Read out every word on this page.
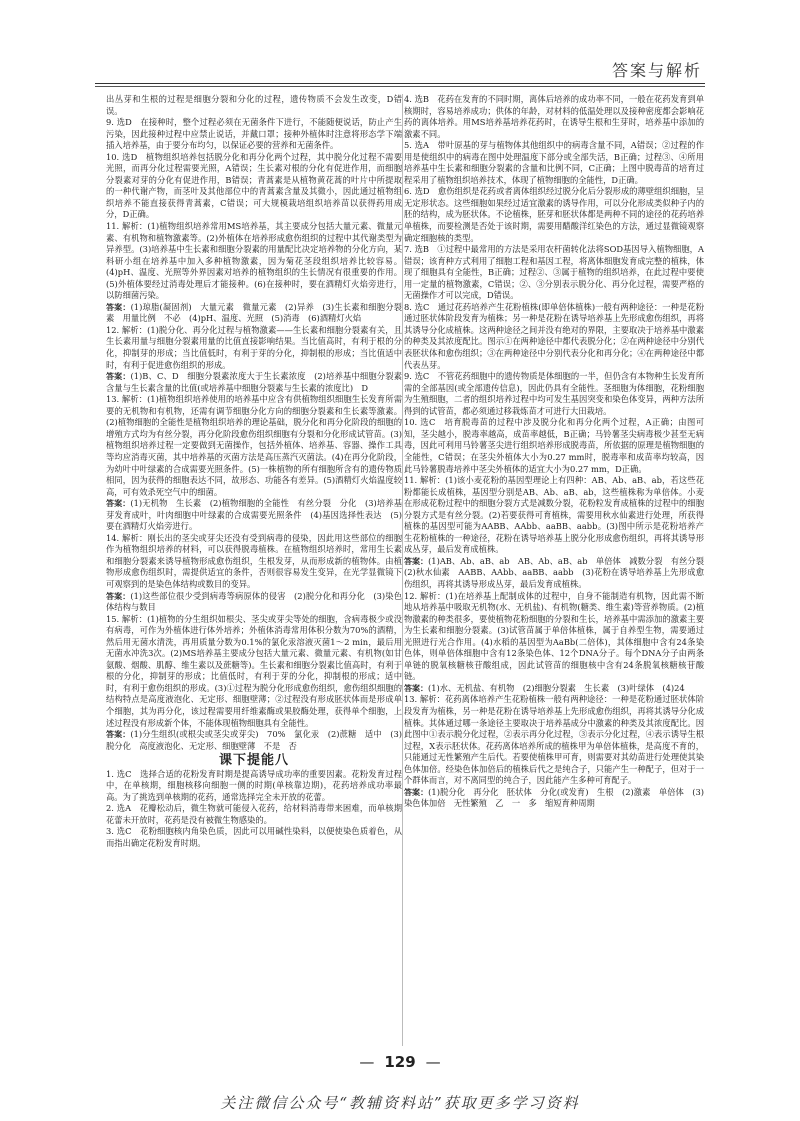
答案与解析

出丛芽和生根的过程是细胞分裂和分化的过程，遗传物质不会发生改变，D错误。

9. 选D　在接种时，整个过程必须在无菌条件下进行，不能随便说话，防止产生污染，因此接种过程中应禁止说话，并戴口罩；接种外植体时注意将形态学下端插入培养基，由于要分布均匀，以保证必要的营养和无菌条件。

10. 选D　植物组织培养包括脱分化和再分化两个过程，其中脱分化过程不需要光照，而再分化过程需要光照，A错误；生长素对根的分化有促进作用，而细胞分裂素对芽的分化有促进作用，B错误；青蒿素是从植物黄花蒿的叶片中所提取的一种代谢产物，而茎叶及其他部位中的青蒿素含量及其微小，因此通过植物组织培养不能直接获得青蒿素，C错误；可大规模栽培组织培养苗以获得药用成分，D正确。

11. 解析：(1)植物组织培养常用MS培养基，其主要成分包括大量元素、微量元素、有机物和植物激素等。(2)外植体在培养形成愈伤组织的过程中其代谢类型为异养型。(3)培养基中生长素和细胞分裂素的用量配比决定培养物的分化方向，某科研小组在培养基中加入多种植物激素，因为菊花茎段组织培养比较容易。(4)pH、温度、光照等外界因素对培养的植物组织的生长情况有很重要的作用。(5)外植体要经过消毒处理后才能接种。(6)在接种时，要在酒精灯火焰旁进行，以防细菌污染。

答案：(1)琼脂(凝固剂)　大量元素　微量元素　(2)异养　(3)生长素和细胞分裂素　用量比例　不必　(4)pH、温度、光照　(5)消毒　(6)酒精灯火焰

12. 解析：(1)脱分化、再分化过程与植物激素——生长素和细胞分裂素有关，且生长素用量与细胞分裂素用量的比值直接影响结果。当比值高时，有利于根的分化，抑制芽的形成；当比值低时，有利于芽的分化，抑制根的形成；当比值适中时，有利于促进愈伤组织的形成。

答案：(1)B、C、D　细胞分裂素浓度大于生长素浓度　(2)培养基中细胞分裂素含量与生长素含量的比值(或培养基中细胞分裂素与生长素的浓度比)　D

13. 解析：(1)植物组织培养使用的培养基中应含有供植物组织细胞生长发育所需要的无机物和有机物，还需有调节细胞分化方向的细胞分裂素和生长素等激素。(2)植物细胞的全能性是植物组织培养的理论基础，脱分化和再分化阶段的细胞的增殖方式均为有丝分裂，再分化阶段愈伤组织细胞有分裂和分化形成试管苗。(3)植物组织培养过程一定要做到无菌操作，包括外植体、培养基、容器、操作工具等均应消毒灭菌，其中培养基的灭菌方法是高压蒸汽灭菌法。(4)在再分化阶段，为幼叶中叶绿素的合成需要光照条件。(5)一株植物的所有细胞所含有的遗传物质相同，因为获得的细胞表达不同，故形态、功能各有差异。(5)酒精灯火焰温度较高，可有效杀死空气中的细菌。

答案：(1)无机物　生长素　(2)植物细胞的全能性　有丝分裂　分化　(3)培养基　芽发育成叶，叶肉细胞中叶绿素的合成需要光照条件　(4)基因选择性表达　(5)要在酒精灯火焰旁进行。

14. 解析：刚长出的茎尖或芽尖还没有受到病毒的侵染，因此用这些部位的细胞作为植物组织培养的材料，可以获得脱毒植株。在植物组织培养时，常用生长素和细胞分裂素来诱导植物形成愈伤组织，生根发芽，从而形成新的植物体。由植物形成愈伤组织时，需提供适宜的条件，否则很容易发生变异，在光学显微镜下可观察到的是染色体结构或数目的变异。

答案：(1)这些部位很少受到病毒等病原体的侵害　(2)脱分化和再分化　(3)染色体结构与数目

15. 解析：(1)植物的分生组织如根尖、茎尖或芽尖等处的细胞，含病毒极少或没有病毒，可作为外植体进行体外培养；外植体消毒常用体积分数为70%的酒精，然后用无菌水清洗，再用质量分数为0.1%的氯化汞溶液灭菌1～2 min，最后用无菌水冲洗3次。(2)MS培养基主要成分包括大量元素、微量元素、有机物(如甘氨酸、烟酸、肌醇、维生素以及蔗糖等)。生长素和细胞分裂素比值高时，有利于根的分化，抑制芽的形成；比值低时，有利于芽的分化，抑制根的形成；适中时，有利于愈伤组织的形成。(3)①过程为脱分化形成愈伤组织，愈伤组织细胞的结构特点是高度液泡化、无定形、细胞壁薄；②过程没有形成胚状体而是形成单个细胞，其为再分化，该过程需要用纤维素酶或果胶酶处理，获得单个细胞，上述过程没有形成新个体，不能体现植物细胞具有全能性。

答案：(1)分生组织(或根尖或茎尖或芽尖)　70%　氯化汞　(2)蔗糖　适中　(3)脱分化　高度液泡化、无定形、细胞壁薄　不是　否

课下提能八

1. 选C　选择合适的花粉发育时期是提高诱导成功率的重要因素。花粉发育过程中，在单核期，细胞核移向细胞一侧的时期(单核靠边期)，花药培养成功率最高。为了挑选到单核期的花药，通常选择完全未开放的花蕾。

2. 选A　花瓣松动后，微生物就可能侵入花药，给材料消毒带来困难，而单核期花蕾未开放时，花药是没有被微生物感染的。

3. 选C　花粉细胞核内角染色质，因此可以用碱性染料，以便使染色质着色，从而指出确定花粉发育时期。

4. 选B　花药在发育的不同时期，离体后培养的成功率不同，一般在花药发育到单核期时，容易培养成功；供体的年龄，对材料的低温处理以及接种密度都会影响花药的离体培养。用MS培养基培养花药时，在诱导生根和生芽时，培养基中添加的激素不同。

5. 选A　带叶原基的芽与植物体其他组织中的病毒含量不同，A错误；②过程的作用是使组织中的病毒在图中处理温度下部分或全部失活，B正确；过程③、④所用培养基中生长素和细胞分裂素的含量和比例不同，C正确；上图中脱毒苗的培育过程采用了植物组织培养技术，体现了植物细胞的全能性，D正确。

6. 选D　愈伤组织是花药或者离体组织经过脱分化后分裂形成的薄壁组织细胞，呈无定形状态。这些细胞如果经过适宜激素的诱导作用，可以分化形成类似种子内的胚的结构，成为胚状体。不论植株，胚芽和胚状体都是两种不同的途径的花药培养单植株，而要检测是否处于该时期，需要用醋酸洋红染色的方法，通过显微镜观察确定细胞核的类型。

7. 选B　①过程中最常用的方法是采用农杆菌转化法将SOD基因导入植物细胞，A错误；该育种方式利用了细胞工程和基因工程，将离体细胞发育成完整的植株，体现了细胞具有全能性，B正确；过程②、③属于植物的组织培养，在此过程中要使用一定量的植物激素，C错误；②、③分别表示脱分化、再分化过程，需要严格的无菌操作才可以完成，D错误。

8. 选C　通过花药培养产生花粉植株(即单倍体植株)一般有两种途径：一种是花粉通过胚状体阶段发育为植株；另一种是花粉在诱导培养基上先形成愈伤组织，再将其诱导分化成植株。这两种途径之间并没有绝对的界限，主要取决于培养基中激素的种类及其浓度配比。图示①在两种途径中都代表脱分化；②在两种途径中分别代表胚状体和愈伤组织；③在两种途径中分别代表分化和再分化；④在两种途径中都代表丛芽。

9. 选C　不管花药细胞中的遗传物质是体细胞的一半，但仍含有本物种生长发育所需的全部基因(或全部遗传信息)，因此仍具有全能性。茎细胞为体细胞，花粉细胞为生殖细胞，二者的组织培养过程中均可发生基因突变和染色体变异，两种方法所得到的试管苗，都必须通过移栽炼苗才可进行大田栽培。

10. 选C　培育脱毒苗的过程中涉及脱分化和再分化两个过程，A正确；由图可知，茎尖越小，脱毒率越高，成苗率越低，B正确；马铃薯茎尖病毒极少甚至无病毒，因此可利用马铃薯茎尖进行组织培养形成脱毒苗，所依据的原理是植物细胞的全能性，C错误；在茎尖外植体大小为0.27 mm时，脱毒率和成苗率均较高，因此马铃薯脱毒培养中茎尖外植体的适宜大小为0.27 mm，D正确。

11. 解析：(1)该小麦花粉的基因型理论上有四种：AB、Ab、aB、ab，若这些花粉都能长成植株，基因型分别是AB、Ab、aB、ab，这些植株称为单倍体。小麦在形成花粉过程中的细胞分裂方式是减数分裂，花粉粒发育成植株的过程中的细胞分裂方式是有丝分裂。(2)若要获得可育植株，需要用秋水仙素进行处理，所获得植株的基因型可能为AABB、AAbb、aaBB、aabb。(3)图中所示是花粉培养产生花粉植株的一种途径，花粉在诱导培养基上脱分化形成愈伤组织，再将其诱导形成丛芽，最后发育成植株。

答案：(1)AB、Ab、aB、ab　AB、Ab、aB、ab　单倍体　减数分裂　有丝分裂　(2)秋水仙素　AABB、AAbb、aaBB、aabb　(3)花粉在诱导培养基上先形成愈伤组织，再将其诱导形成丛芽，最后发育成植株。

12. 解析：(1)在培养基上配制成体的过程中，自身不能制造有机物，因此需不断地从培养基中吸取无机物(水、无机盐)、有机物(糖类、维生素)等营养物质。(2)植物激素的种类很多，要使植物花粉细胞的分裂和生长，培养基中需添加的激素主要为生长素和细胞分裂素。(3)试管苗属于单倍体植株，属于自养型生物，需要通过光照进行光合作用。(4)水稻的基因型为AaBb(二倍体)，其体细胞中含有24条染色体，则单倍体细胞中含有12条染色体、12个DNA分子。每个DNA分子由两条单链的脱氧核糖核苷酸组成，因此试管苗的细胞核中含有24条脱氧核糖核苷酸链。

答案：(1)水、无机盐、有机物　(2)细胞分裂素　生长素　(3)叶绿体　(4)24

13. 解析：花药离体培养产生花粉植株一般有两种途径：一种是花粉通过胚状体阶段发育为植株，另一种是花粉在诱导培养基上先形成愈伤组织，再将其诱导分化成植株。其体通过哪一条途径主要取决于培养基成分中激素的种类及其浓度配比。因此图中①表示脱分化过程，②表示再分化过程，③表示分化过程，④表示诱导生根过程，X表示胚状体。花药离体培养所成的植株甲为单倍体植株，是高度不育的，只能通过无性繁殖产生后代。若要使植株甲可育，则需要对其幼苗进行处理使其染色体加倍。经染色体加倍后的植株后代之是纯合子，只能产生一种配子，但对于一个群体而言，对不离同型的纯合子，因此能产生多种可育配子。

答案：(1)脱分化　再分化　胚状体　分化(或发育)　生根　(2)激素　单倍体　(3)染色体加倍　无性繁殖　乙　一　多　缩短育种周期

— 129 —
关注微信公众号“教辅资料站”获取更多学习资料
